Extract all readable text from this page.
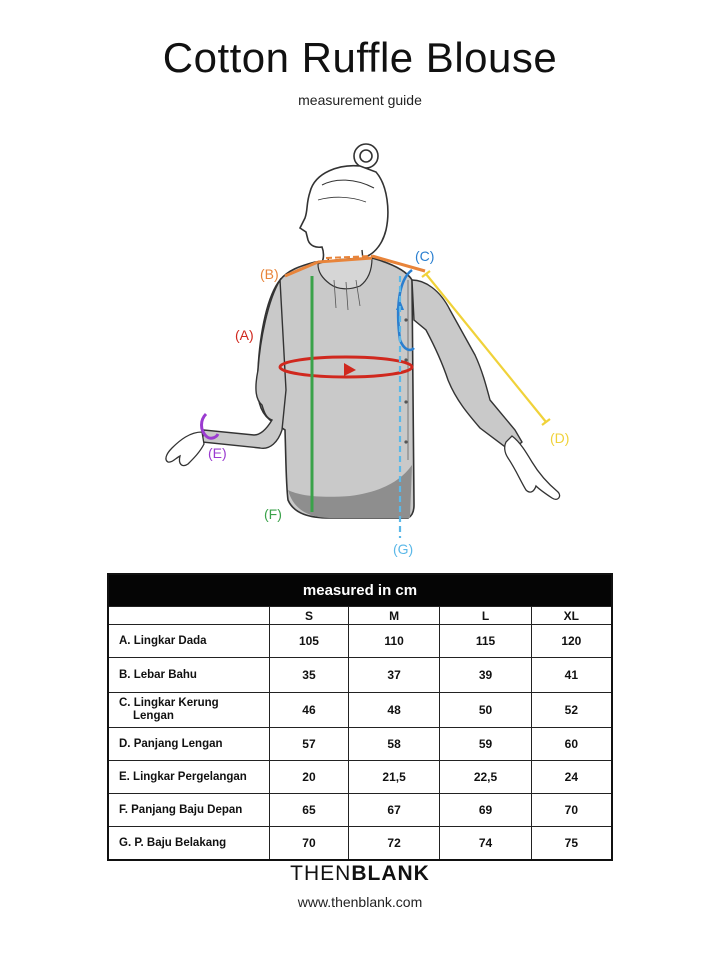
Cotton Ruffle Blouse
measurement guide
(A)
(B)
(C)
(D)
(E)
(F)
(G)
measured in cm				
	S	M	L	XL
A. Lingkar Dada	105	110	115	120
B. Lebar Bahu	35	37	39	41
C. Lingkar Kerung
Lengan	46	48	50	52
D. Panjang Lengan	57	58	59	60
E. Lingkar Pergelangan	20	21,5	22,5	24
F. Panjang Baju Depan	65	67	69	70
G. P. Baju Belakang	70	72	74	75
THENBLANK
www.thenblank.com
